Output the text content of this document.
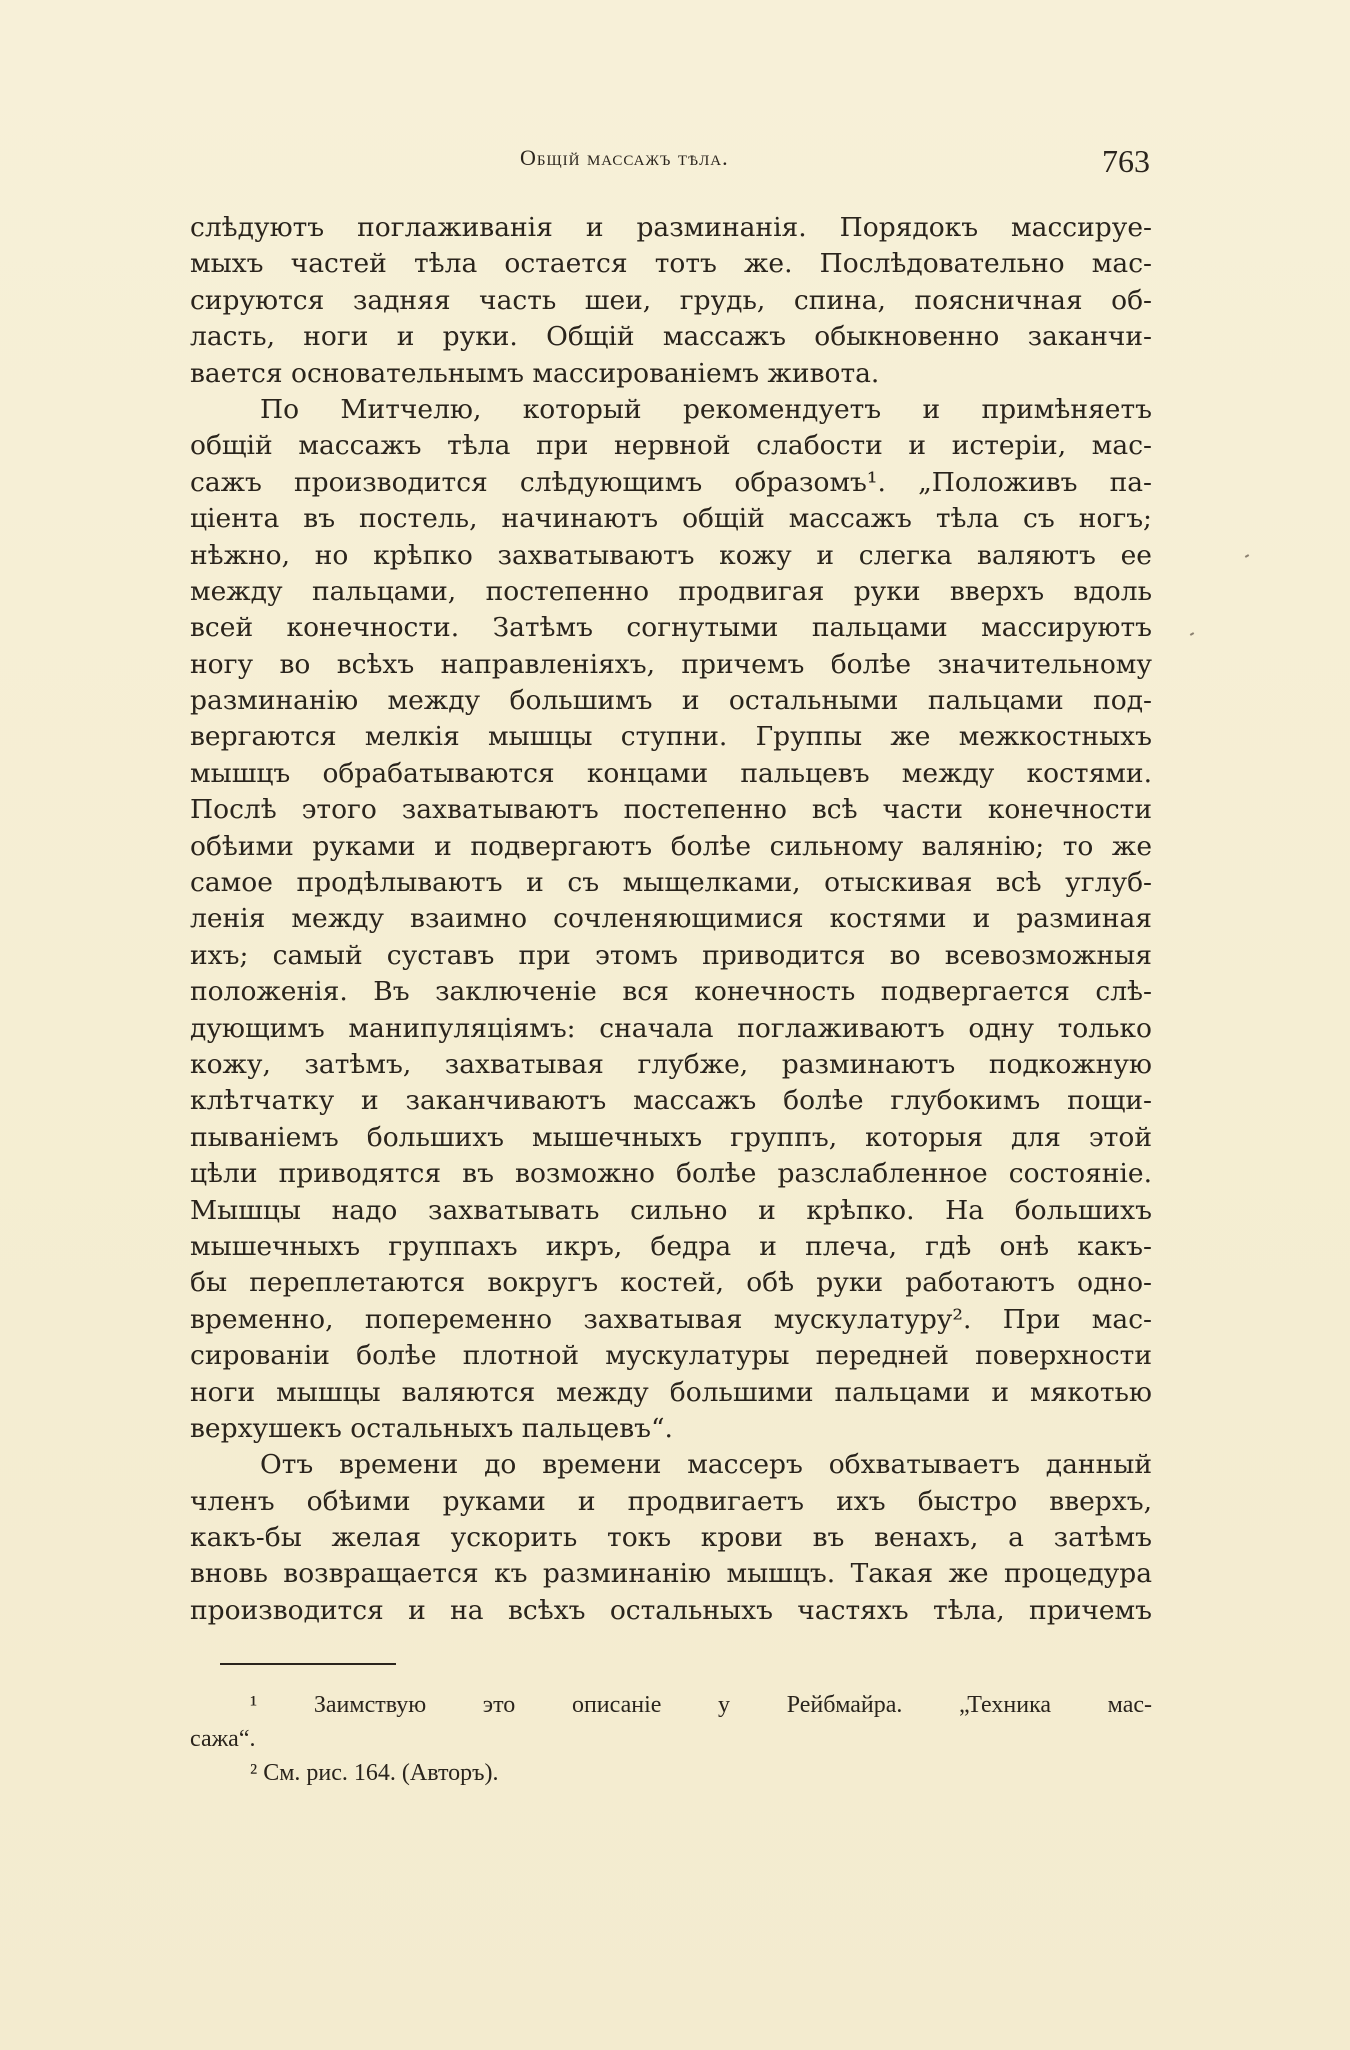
Общій массажъ тѣла.	763
слѣдуютъ поглаживанія и разминанія. Порядокъ массируе-
мыхъ частей тѣла остается тотъ же. Послѣдовательно мас-
сируются задняя часть шеи, грудь, спина, поясничная об-
ласть, ноги и руки. Общій массажъ обыкновенно заканчи-
вается основательнымъ массированіемъ живота.
По Митчелю, который рекомендуетъ и примѣняетъ
общій массажъ тѣла при нервной слабости и истеріи, мас-
сажъ производится слѣдующимъ образомъ¹. „Положивъ па-
ціента въ постель, начинаютъ общій массажъ тѣла съ ногъ;
нѣжно, но крѣпко захватываютъ кожу и слегка валяютъ ее
между пальцами, постепенно продвигая руки вверхъ вдоль
всей конечности. Затѣмъ согнутыми пальцами массируютъ
ногу во всѣхъ направленіяхъ, причемъ болѣе значительному
разминанію между большимъ и остальными пальцами под-
вергаются мелкія мышцы ступни. Группы же межкостныхъ
мышцъ обрабатываются концами пальцевъ между костями.
Послѣ этого захватываютъ постепенно всѣ части конечности
обѣими руками и подвергаютъ болѣе сильному валянію; то же
самое продѣлываютъ и съ мыщелками, отыскивая всѣ углуб-
ленія между взаимно сочленяющимися костями и разминая
ихъ; самый суставъ при этомъ приводится во всевозможныя
положенія. Въ заключеніе вся конечность подвергается слѣ-
дующимъ манипуляціямъ: сначала поглаживаютъ одну только
кожу, затѣмъ, захватывая глубже, разминаютъ подкожную
клѣтчатку и заканчиваютъ массажъ болѣе глубокимъ пощи-
пываніемъ большихъ мышечныхъ группъ, которыя для этой
цѣли приводятся въ возможно болѣе разслабленное состояніе.
Мышцы надо захватывать сильно и крѣпко. На большихъ
мышечныхъ группахъ икръ, бедра и плеча, гдѣ онѣ какъ-
бы переплетаются вокругъ костей, обѣ руки работаютъ одно-
временно, попеременно захватывая мускулатуру². При мас-
сированіи болѣе плотной мускулатуры передней поверхности
ноги мышцы валяются между большими пальцами и мякотью
верхушекъ остальныхъ пальцевъ“.
Отъ времени до времени массеръ обхватываетъ данный
членъ обѣими руками и продвигаетъ ихъ быстро вверхъ,
какъ-бы желая ускорить токъ крови въ венахъ, а затѣмъ
вновь возвращается къ разминанію мышцъ. Такая же процедура
производится и на всѣхъ остальныхъ частяхъ тѣла, причемъ
¹ Заимствую это описаніе у Рейбмайра. „Техника мас-
сажа“.
² См. рис. 164. (Авторъ).
